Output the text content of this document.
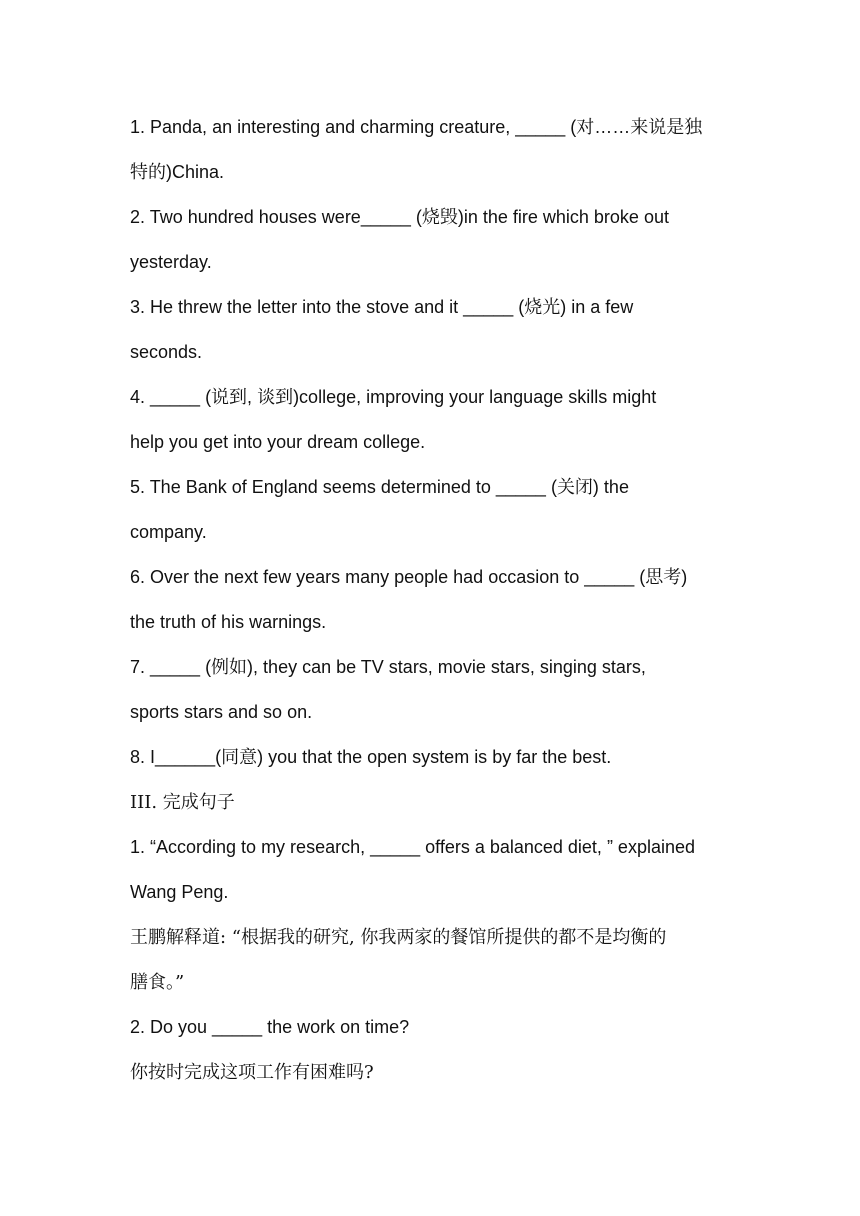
1. Panda, an interesting and charming creature, _____ (对……来说是独
特的)China.
2. Two hundred houses were_____ (烧毁)in the fire which broke out
yesterday.
3. He threw the letter into the stove and it _____ (烧光) in a few
seconds.
4. _____ (说到, 谈到)college, improving your language skills might
help you get into your dream college.
5. The Bank of England seems determined to _____ (关闭) the
company.
6. Over the next few years many people had occasion to _____ (思考)
the truth of his warnings.
7. _____ (例如), they can be TV stars, movie stars, singing stars,
sports stars and so on.
8. I______(同意) you that the open system is by far the best.
III. 完成句子
1. “According to my research, _____ offers a balanced diet, ” explained
Wang Peng.
王鹏解释道: “根据我的研究, 你我两家的餐馆所提供的都不是均衡的
膳食。”
2. Do you _____ the work on time?
你按时完成这项工作有困难吗?
